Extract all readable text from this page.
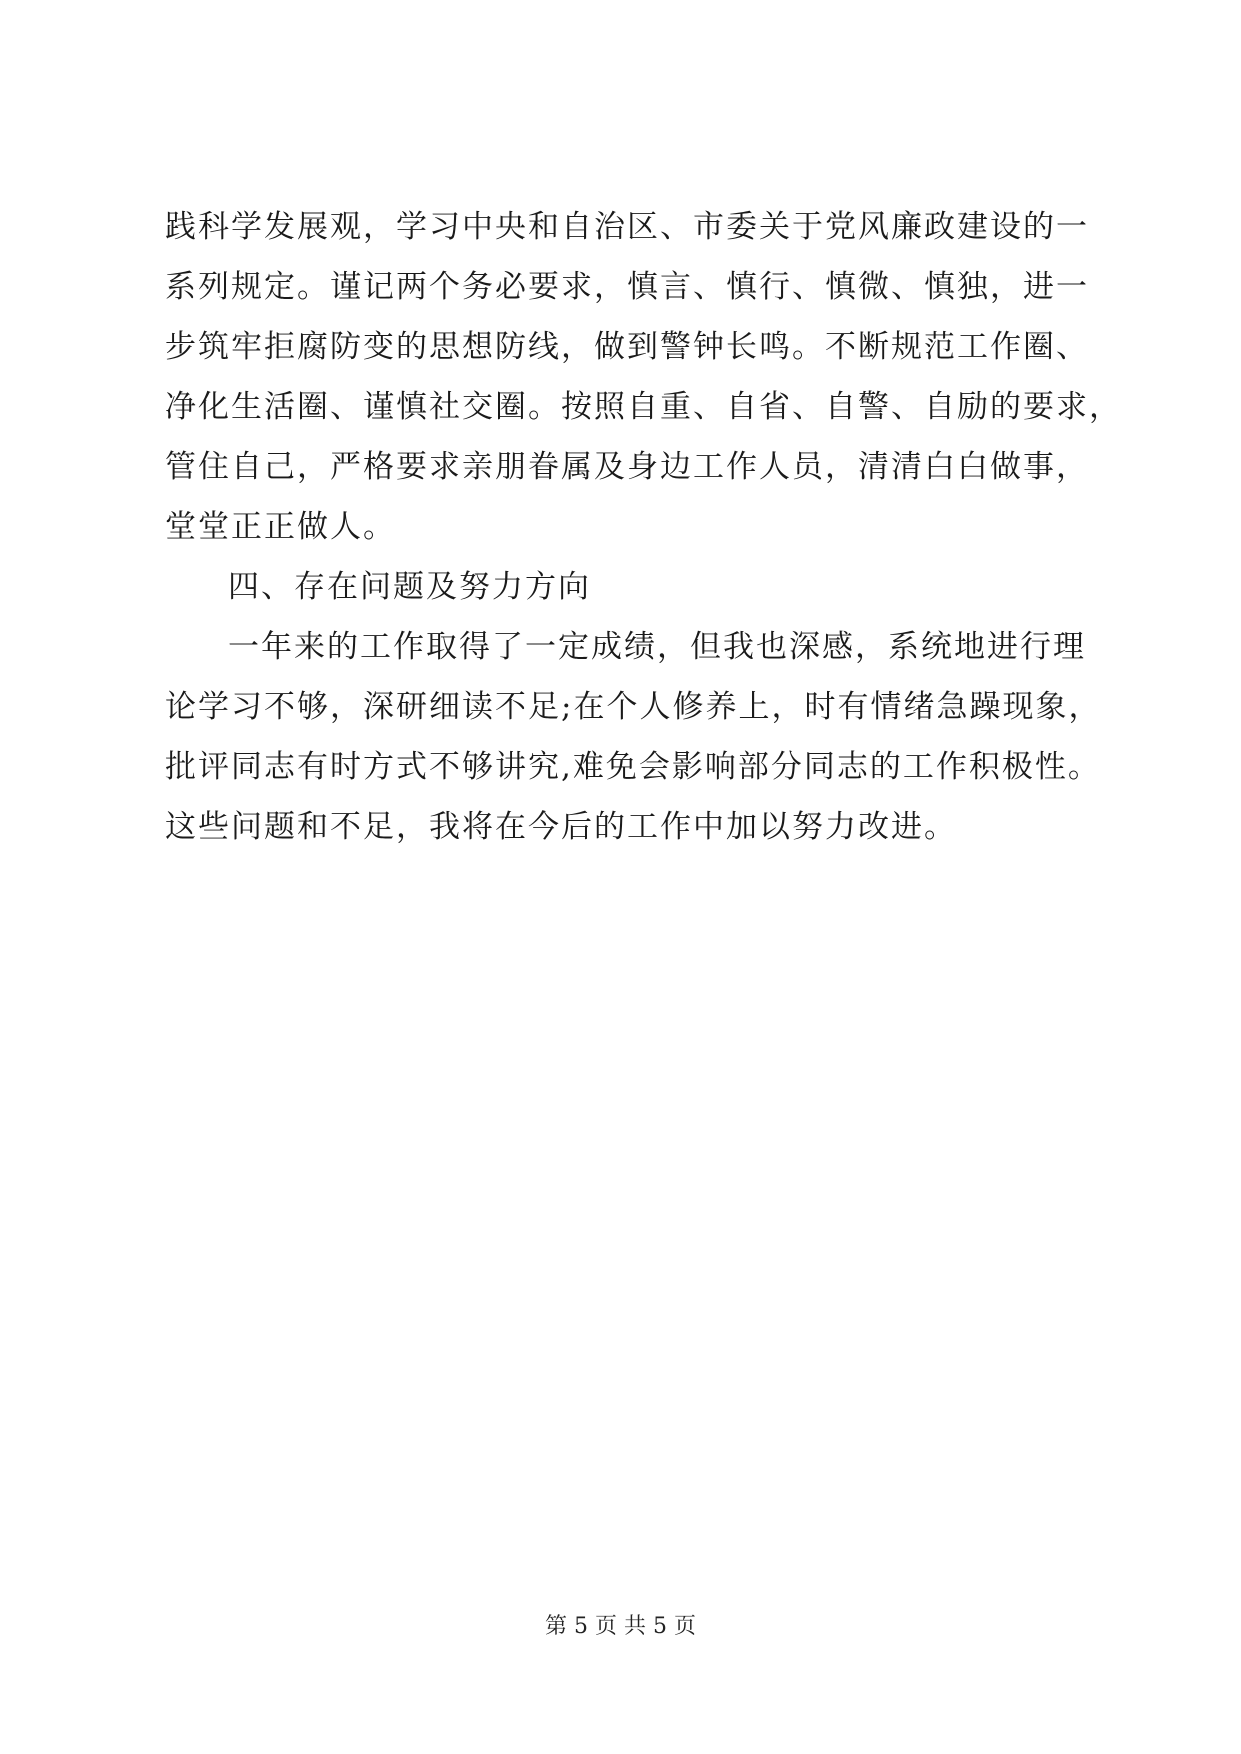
践科学发展观，学习中央和自治区、市委关于党风廉政建设的一
系列规定。谨记两个务必要求，慎言、慎行、慎微、慎独，进一
步筑牢拒腐防变的思想防线，做到警钟长鸣。不断规范工作圈、
净化生活圈、谨慎社交圈。按照自重、自省、自警、自励的要求，
管住自己，严格要求亲朋眷属及身边工作人员，清清白白做事，
堂堂正正做人。
四、存在问题及努力方向
一年来的工作取得了一定成绩，但我也深感，系统地进行理
论学习不够，深研细读不足;在个人修养上，时有情绪急躁现象，
批评同志有时方式不够讲究,难免会影响部分同志的工作积极性。
这些问题和不足，我将在今后的工作中加以努力改进。
第 5 页 共 5 页
